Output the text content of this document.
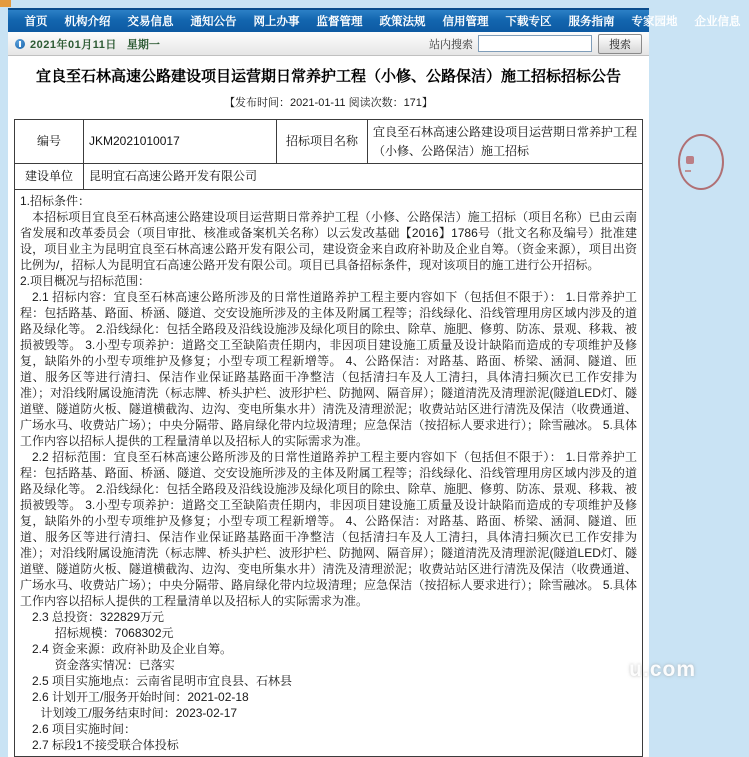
首页	机构介绍	交易信息	通知公告	网上办事	监督管理	政策法规	信用管理	下载专区	服务指南	专家园地	企业信息
2021年01月11日 星期一	站内搜索	搜索
宜良至石林高速公路建设项目运营期日常养护工程（小修、公路保洁）施工招标招标公告
【发布时间：2021-01-11 阅读次数：171】
编号	JKM2021010017	招标项目名称	宜良至石林高速公路建设项目运营期日常养护工程（小修、公路保洁）施工招标
建设单位	昆明宜石高速公路开发有限公司		

1.招标条件：

本招标项目宜良至石林高速公路建设项目运营期日常养护工程（小修、公路保洁）施工招标（项目名称）已由云南省发展和改革委员会（项目审批、核准或备案机关名称）以云发改基础【2016】1786号（批文名称及编号）批准建设，项目业主为昆明宜良至石林高速公路开发有限公司，建设资金来自政府补助及企业自筹。（资金来源），项目出资比例为/，招标人为昆明宜石高速公路开发有限公司。项目已具备招标条件，现对该项目的施工进行公开招标。

2.项目概况与招标范围：

2.1 招标内容：宜良至石林高速公路所涉及的日常性道路养护工程主要内容如下（包括但不限于）： 1.日常养护工程：包括路基、路面、桥涵、隧道、交安设施所涉及的主体及附属工程等；沿线绿化、沿线管理用房区域内涉及的道路及绿化等。 2.沿线绿化：包括全路段及沿线设施涉及绿化项目的除虫、除草、施肥、修剪、防冻、景观、移栽、被损被毁等。 3.小型专项养护：道路交工至缺陷责任期内，非因项目建设施工质量及设计缺陷而造成的专项维护及修复，缺陷外的小型专项维护及修复；小型专项工程新增等。 4、公路保洁：对路基、路面、桥梁、涵洞、隧道、匝道、服务区等进行清扫、保洁作业保证路基路面干净整洁（包括清扫车及人工清扫，具体清扫频次已工作安排为准）；对沿线附属设施清洗（标志牌、桥头护栏、波形护栏、防抛网、隔音屏）；隧道清洗及清理淤泥(隧道LED灯、隧道壁、隧道防火板、隧道横截沟、边沟、变电所集水井）清洗及清理淤泥；收费站站区进行清洗及保洁（收费通道、广场水马、收费站广场）；中央分隔带、路肩绿化带内垃圾清理；应急保洁（按招标人要求进行）；除雪融冰。 5.具体工作内容以招标人提供的工程量清单以及招标人的实际需求为准。

2.2 招标范围：宜良至石林高速公路所涉及的日常性道路养护工程主要内容如下（包括但不限于）： 1.日常养护工程：包括路基、路面、桥涵、隧道、交安设施所涉及的主体及附属工程等；沿线绿化、沿线管理用房区域内涉及的道路及绿化等。 2.沿线绿化：包括全路段及沿线设施涉及绿化项目的除虫、除草、施肥、修剪、防冻、景观、移栽、被损被毁等。 3.小型专项养护：道路交工至缺陷责任期内，非因项目建设施工质量及设计缺陷而造成的专项维护及修复，缺陷外的小型专项维护及修复；小型专项工程新增等。 4、公路保洁：对路基、路面、桥梁、涵洞、隧道、匝道、服务区等进行清扫、保洁作业保证路基路面干净整洁（包括清扫车及人工清扫，具体清扫频次已工作安排为准）；对沿线附属设施清洗（标志牌、桥头护栏、波形护栏、防抛网、隔音屏）；隧道清洗及清理淤泥(隧道LED灯、隧道壁、隧道防火板、隧道横截沟、边沟、变电所集水井）清洗及清理淤泥；收费站站区进行清洗及保洁（收费通道、广场水马、收费站广场）；中央分隔带、路肩绿化带内垃圾清理；应急保洁（按招标人要求进行）；除雪融冰。 5.具体工作内容以招标人提供的工程量清单以及招标人的实际需求为准。

2.3 总投资：322829万元

招标规模：7068302元

2.4 资金来源：政府补助及企业自筹。

资金落实情况：已落实

2.5 项目实施地点：云南省昆明市宜良县、石林县

2.6 计划开工/服务开始时间：2021-02-18

计划竣工/服务结束时间：2023-02-17

2.6 项目实施时间：

2.7 标段1不接受联合体投标

u.com
